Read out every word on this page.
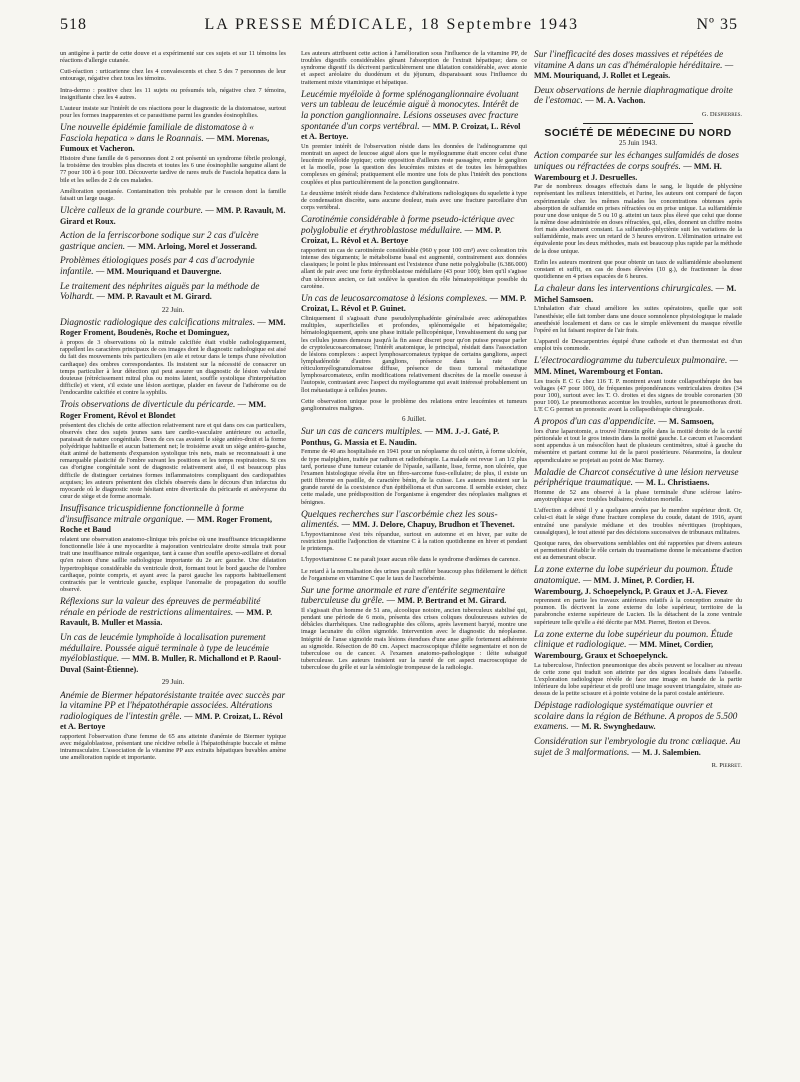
518	LA PRESSE MÉDICALE, 18 Septembre 1943	Nº 35
un antigène à partir de cette douve et a expérimenté sur ces sujets et sur 11 témoins les réactions d'allergie cutanée.
Cuti-réaction : urticarienne chez les 4 convalescents et chez 5 des 7 personnes de leur entourage, négative chez tous les témoins.
Intra-dermo : positive chez les 11 sujets ou présumés tels, négative chez 7 témoins, insignifiante chez les 4 autres.
L'auteur insiste sur l'intérêt de ces réactions pour le diagnostic de la distomatose, surtout pour les formes inapparentes et ce parasitisme parmi les grandes éosinophilies.
Une nouvelle épidémie familiale de distomatose à « Fasciola hepatica » dans le Roannais. — MM. Morenas, Fumoux et Vacheron.
Histoire d'une famille de 6 personnes dont 2 ont présenté un syndrome fébrile prolongé, la troisième des troubles plus discrets et toutes les 6 une éosinophilie sanguine allant de 77 pour 100 à 6 pour 100. Découverte tardive de rares œufs de Fasciola hepatica dans la bile et les selles de 2 de ces malades.
Amélioration spontanée. Contamination très probable par le cresson dont la famille faisait un large usage.
Ulcère calleux de la grande courbure. — MM. P. Ravault, M. Girard et Roux.
Action de la ferriscorbone sodique sur 2 cas d'ulcère gastrique ancien. — MM. Arloing, Morel et Josserand.
Problèmes étiologiques posés par 4 cas d'acrodynie infantile. — MM. Mouriquand et Dauvergne.
Le traitement des néphrites aiguës par la méthode de Volhardt. — MM. P. Ravault et M. Girard.
22 Juin.
Diagnostic radiologique des calcifications mitrales. — MM. Roger Froment, Boudenès, Roche et Dominguez,
à propos de 3 observations où la mitrale calcifiée était visible radiologiquement, rappellent les caractères principaux de ces images dont le diagnostic radiologique est aisé du fait des mouvements très particuliers (en aile et retour dans le temps d'une révolution cardiaque) des ombres correspondantes. Ils insistent sur la nécessité de consacrer un temps particulier à leur détection qui peut assurer un diagnostic de lésion valvulaire douteuse (rétrécissement mitral plus ou moins latent, souffle systolique d'interprétation difficile) et vient, s'il existe une lésion aortique, plaider en faveur de l'athérome ou de l'endocardite calcifiée et contre la syphilis.
Trois observations de diverticule du péricarde. — MM. Roger Froment, Révol et Blondet
présentent des clichés de cette affection relativement rare et qui dans ces cas particuliers, observés chez des sujets jeunes sans tare cardio-vasculaire antérieure ou actuelle, paraissait de nature congénitale. Deux de ces cas avaient le siège antéro-droit et la forme polyédrique habituelle et aucun battement net; le troisième avait un siège antéro-gauche, était animé de battements d'expansion systolique très nets, mais se reconnaissait à une remarquable plasticité de l'ombre suivant les positions et les temps respiratoires. Si ces cas d'origine congénitale sont de diagnostic relativement aisé, il est beaucoup plus difficile de distinguer certaines formes inflammatoires compliquant des cardiopathies acquises; les auteurs présentent des clichés observés dans le décours d'un infarctus du myocarde où le diagnostic reste hésitant entre diverticule du péricarde et anévrysme du cœur de siège et de forme anormale.
Insuffisance tricuspidienne fonctionnelle à forme d'insuffisance mitrale organique. — MM. Roger Froment, Roche et Baud
relatent une observation anatomo-clinique très précise où une insuffisance tricuspidienne fonctionnelle liée à une myocardite à majoration ventriculaire droite simula trait pour trait une insuffisance mitrale organique, tant à cause d'un souffle apexo-axillaire et dorsal qu'en raison d'une saillie radiologique importante du 2e arc gauche. Une dilatation hypertrophique considérable du ventricule droit, formant tout le bord gauche de l'ombre cardiaque, pointe compris, et ayant avec la paroi gauche les rapports habituellement contractés par le ventricule gauche, explique l'anomalie de propagation du souffle observé.
Réflexions sur la valeur des épreuves de perméabilité rénale en période de restrictions alimentaires. — MM. P. Ravault, B. Muller et Massia.
Un cas de leucémie lymphoïde à localisation purement médullaire. Poussée aiguë terminale à type de leucémie myéloblastique. — MM. B. Muller, R. Michallond et P. Raoul-Duval (Saint-Étienne).
29 Juin.
Anémie de Biermer hépatorésistante traitée avec succès par la vitamine PP et l'hépatothérapie associées. Altérations radiologiques de l'intestin grêle. — MM. P. Croizat, L. Révol et A. Bertoye
rapportent l'observation d'une femme de 65 ans atteinte d'anémie de Biermer typique avec mégaloblastose, présentant une récidive rebelle à l'hépatothérapie buccale et même intramusculaire. L'association de la vitamine PP aux extraits hépatiques buvables amène une amélioration rapide et importante.
Les auteurs attribuent cette action à l'amélioration sous l'influence de la vitamine PP, de troubles digestifs considérables gênant l'absorption de l'extrait hépatique; dans ce syndrome digestif ils décrivent particulièrement une dilatation considérable, avec atonie et aspect aréolaire du duodénum et du jéjunum, disparaissant sous l'influence du traitement mixte vitaminique et hépatique.
Leucémie myéloïde à forme splénoganglionnaire évoluant vers un tableau de leucémie aiguë à monocytes. Intérêt de la ponction ganglionnaire. Lésions osseuses avec fracture spontanée d'un corps vertébral. — MM. P. Croizat, L. Révol et A. Bertoye.
Un premier intérêt de l'observation réside dans les données de l'adénogramme qui montrait un aspect de leucose aiguë alors que le myélogramme était encore celui d'une leucémie myéloïde typique; cette opposition d'ailleurs reste passagère, entre le ganglion et la moelle, pose la question des leucémies mixtes et de toutes les hémopathies complexes en général; pratiquement elle montre une fois de plus l'intérêt des ponctions couplées et plus particulièrement de la ponction ganglionnaire.
Le deuxième intérêt réside dans l'existence d'altérations radiologiques du squelette à type de condensation discrète, sans aucune douleur, mais avec une fracture parcellaire d'un corps vertébral.
Carotinémie considérable à forme pseudo-ictérique avec polyglobulie et érythroblastose médullaire. — MM. P. Croizat, L. Révol et A. Bertoye
rapportent un cas de carotinémie considérable (960 γ pour 100 cm³) avec coloration très intense des téguments; le métabolisme basal est augmenté, contrairement aux données classiques; le point le plus intéressant est l'existence d'une nette polyglobulie (6.386.000) allant de pair avec une forte érythroblastose médullaire (43 pour 100); bien qu'il s'agisse d'un ulcéreux ancien, ce fait soulève la question du rôle hématopoïétique possible du carotène.
Un cas de leucosarcomatose à lésions complexes. — MM. P. Croizat, L. Révol et P. Guinet.
Cliniquement il s'agissait d'une pseudolymphadénie généralisée avec adénopathies multiples, superficielles et profondes, splénomégalie et hépatomégalie; hématologiquement, après une phase initiale pellicopénique, l'envahissement du sang par les cellules jeunes demeura jusqu'à la fin assez discret pour qu'on puisse presque parler de cryptoleucosarcomatose; l'intérêt anatomique, le principal, résidait dans l'association de lésions complexes : aspect lymphosarcomateux typique de certains ganglions, aspect lymphadénoïde d'autres ganglions, présence dans la rate d'une réticulomyélogranulomatose diffuse, présence de tissu tumoral métastatique lymphosarcomateux, enfin modifications relativement discrètes de la moelle osseuse à l'autopsie, contrastant avec l'aspect du myélogramme qui avait intéressé probablement un îlot métastatique à cellules jeunes.
Cette observation unique pose le problème des relations entre leucémies et tumeurs ganglionnaires malignes.
6 Juillet.
Sur un cas de cancers multiples. — MM. J.-J. Gaté, P. Ponthus, G. Massia et E. Naudin.
Femme de 40 ans hospitalisée en 1941 pour un néoplasme du col utérin, à forme ulcérée, de type malpighien, traitée par radium et radiothérapie. La malade est revue 1 an 1/2 plus tard, porteuse d'une tumeur cutanée de l'épaule, saillante, lisse, ferme, non ulcérée, que l'examen histologique révéla être un fibro-sarcome fuso-cellulaire; de plus, il existe un petit fibrome en pastille, de caractère bénin, de la cuisse. Les auteurs insistent sur la grande rareté de la coexistence d'un épithélioma et d'un sarcome. Il semble exister, chez cette malade, une prédisposition de l'organisme à engendrer des néoplasies malignes et bénignes.
Quelques recherches sur l'ascorbémie chez les sous-alimentés. — MM. J. Delore, Chapuy, Brudhon et Thevenet.
L'hypovitaminose s'est très répandue, surtout en automne et en hiver, par suite de restriction justifie l'adjonction de vitamine C à la ration quotidienne en hiver et pendant le printemps.
L'hypovitaminose C ne paraît jouer aucun rôle dans le syndrome d'œdèmes de carence.
Le retard à la normalisation des urines paraît refléter beaucoup plus fidèlement le déficit de l'organisme en vitamine C que le taux de l'ascorbémie.
Sur une forme anormale et rare d'entérite segmentaire tuberculeuse du grêle. — MM. P. Bertrand et M. Girard.
Il s'agissait d'un homme de 51 ans, alcoolique notoire, ancien tuberculeux stabilisé qui, pendant une période de 6 mois, présenta des crises coliques douloureuses suivies de débâcles diarrhéiques. Une radiographie des côlons, après lavement baryté, montre une image lacunaire du côlon sigmoïde. Intervention avec le diagnostic du néoplasme. Intégrité de l'anse sigmoïde mais lésions étendues d'une anse grêle fortement adhérente au sigmoïde. Résection de 80 cm. Aspect macroscopique d'iléite segmentaire et non de tuberculose ou de cancer. A l'examen anatomo-pathologique : iléite subaiguë tuberculeuse. Les auteurs insistent sur la rareté de cet aspect macroscopique de tuberculose du grêle et sur la sémiologie trompeuse de la radiologie.
Sur l'inefficacité des doses massives et répétées de vitamine A dans un cas d'héméralopie héréditaire. — MM. Mouriquand, J. Rollet et Legeais.
Deux observations de hernie diaphragmatique droite de l'estomac. — M. A. Vachon.
G. Despierres.
SOCIÉTÉ DE MÉDECINE DU NORD
25 Juin 1943.
Action comparée sur les échanges sulfamidés de doses uniques ou réfractées de corps soufrés. — MM. H. Warembourg et J. Desruelles.
Par de nombreux dosages effectués dans le sang, le liquide de phlyctène représentant les milieux interstitiels, et l'urine, les auteurs ont comparé de façon expérimentale chez les mêmes malades les concentrations obtenues après absorption de sulfamide en prises réfractées ou en prise unique. La sulfamidémie pour une dose unique de 5 ou 10 g. atteint un taux plus élevé que celui que donne la même dose administrée en doses réfractées, qui, elles, donnent un chiffre moins fort mais absolument constant. La sulfamido-phlyctènie suit les variations de la sulfamidémie, mais avec un retard de 3 heures environ. L'élimination urinaire est équivalente pour les deux méthodes, mais est beaucoup plus rapide par la méthode de la dose unique.
Enfin les auteurs montrent que pour obtenir un taux de sulfamidémie absolument constant et suffit, en cas de doses élevées (10 g.), de fractionner la dose quotidienne en 4 prises espacées de 6 heures.
La chaleur dans les interventions chirurgicales. — M. Michel Samsoen.
L'inhalation d'air chaud améliore les suites opératoires, quelle que soit l'anesthésie; elle fait tomber dans une douce somnolence physiologique le malade anesthésié localement et dans ce cas le simple enlèvement du masque réveille l'opéré en lui faisant respirer de l'air frais.
L'appareil de Descarpentries équipé d'une cathode et d'un thermostat est d'un emploi très commode.
L'électrocardiogramme du tuberculeux pulmonaire. — MM. Minet, Warembourg et Fontan.
Les tracés E C G chez 116 T. P. montrent avant toute collapsothérapie des bas voltages (47 pour 100), de fréquentes prépondérances ventriculaires droites (34 pour 100), surtout avec les T. O. droites et des signes de trouble coronarien (30 pour 100). Le pneumothorax accentue les troubles, surtout le pneumothorax droit. L'E C G permet un pronostic avant la collapsothérapie chirurgicale.
A propos d'un cas d'appendicite. — M. Samsoen,
lors d'une laparotomie, a trouvé l'intestin grêle dans la moitié droite de la cavité péritonéale et tout le gros intestin dans la moitié gauche. Le cæcum et l'ascendant sont appendus à un mésocôlon haut de plusieurs centimètres, situé à gauche du mésentère et partant comme lui de la paroi postérieure. Néanmoins, la douleur appendiculaire se projetait au point de Mac Burney.
Maladie de Charcot consécutive à une lésion nerveuse périphérique traumatique. — M. L. Christiaens.
Homme de 52 ans observé à la phase terminale d'une sclérose latéro-amyotrophique avec troubles bulbaires; évolution mortelle.
L'affection a débuté il y a quelques années par le membre supérieur droit. Or, celui-ci était le siège d'une fracture complexe du coude, datant de 1916, ayant entraîné une paralysie médiane et des troubles névritiques (trophiques, causalgiques), le tout attesté par des décisions successives de tribunaux militaires.
Quoique rares, des observations semblables ont été rapportées par divers auteurs et permettent d'établir le rôle certain du traumatisme donne le mécanisme d'action est au demeurant obscur.
La zone externe du lobe supérieur du poumon. Étude anatomique. — MM. J. Minet, P. Cordier, H. Warembourg, J. Schoepelynck, P. Graux et J.-A. Fievez
reprennent en partie les travaux antérieurs relatifs à la conception zonaire du poumon. Ils décrivent la zone externe du lobe supérieur, territoire de la parabronche externe supérieure de Lucien. Ils la détachent de la zone ventrale supérieure telle qu'elle a été décrite par MM. Pierret, Breton et Devos.
La zone externe du lobe supérieur du poumon. Étude clinique et radiologique. — MM. Minet, Cordier, Warembourg, Graux et Schoepelynck.
La tuberculose, l'infection pneumonique des abcès peuvent se localiser au niveau de cette zone qui traduit son atteinte par des signes localisés dans l'aisselle. L'exploration radiologique révèle de face une image en bande de la partie inférieure du lobe supérieur et de profil une image souvent triangulaire, située au-dessus de la petite scissure et à pointe voisine de la paroi costale antérieure.
Dépistage radiologique systématique ouvrier et scolaire dans la région de Béthune. A propos de 5.500 examens. — M. R. Swynghedauw.
Considération sur l'embryologie du tronc cœliaque. Au sujet de 3 malformations. — M. J. Salembien.
R. Pierret.
